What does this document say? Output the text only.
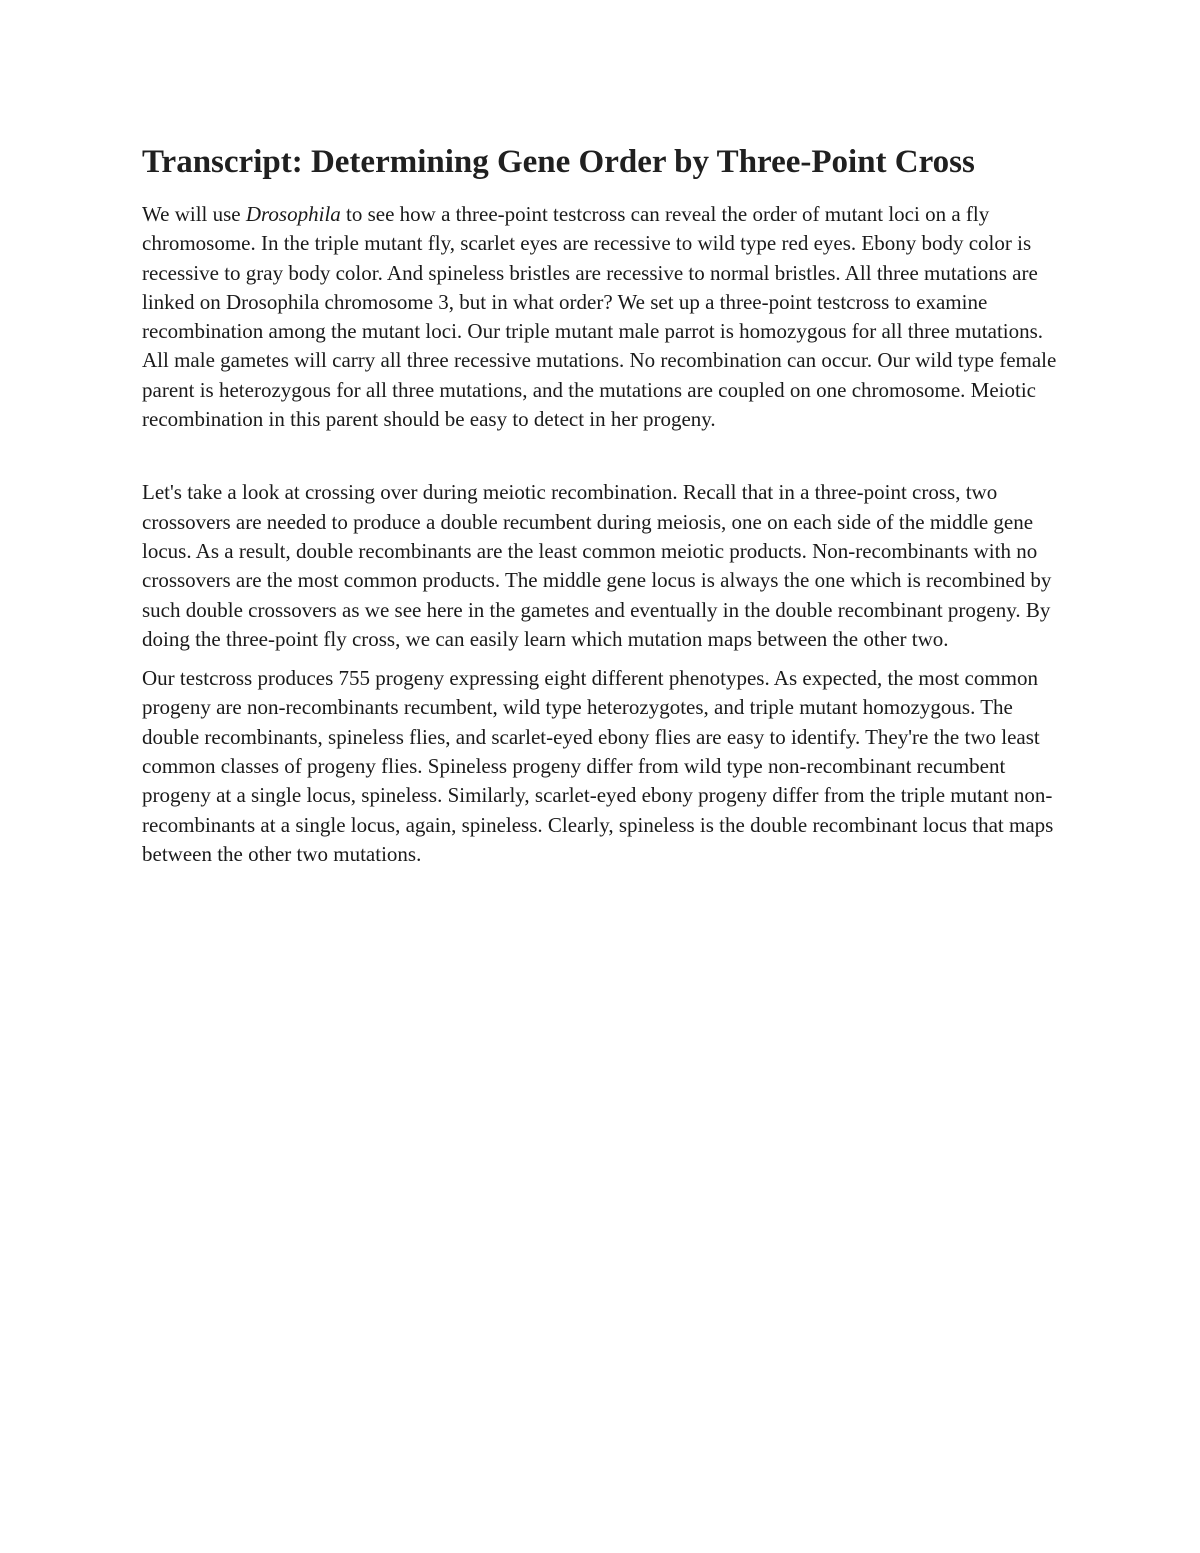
Transcript: Determining Gene Order by Three-Point Cross

We will use Drosophila to see how a three-point testcross can reveal the order of mutant loci on a fly chromosome. In the triple mutant fly, scarlet eyes are recessive to wild type red eyes. Ebony body color is recessive to gray body color. And spineless bristles are recessive to normal bristles. All three mutations are linked on Drosophila chromosome 3, but in what order? We set up a three-point testcross to examine recombination among the mutant loci. Our triple mutant male parrot is homozygous for all three mutations. All male gametes will carry all three recessive mutations. No recombination can occur. Our wild type female parent is heterozygous for all three mutations, and the mutations are coupled on one chromosome. Meiotic recombination in this parent should be easy to detect in her progeny.

Let's take a look at crossing over during meiotic recombination. Recall that in a three-point cross, two crossovers are needed to produce a double recumbent during meiosis, one on each side of the middle gene locus. As a result, double recombinants are the least common meiotic products. Non-recombinants with no crossovers are the most common products. The middle gene locus is always the one which is recombined by such double crossovers as we see here in the gametes and eventually in the double recombinant progeny. By doing the three-point fly cross, we can easily learn which mutation maps between the other two.

Our testcross produces 755 progeny expressing eight different phenotypes. As expected, the most common progeny are non-recombinants recumbent, wild type heterozygotes, and triple mutant homozygous. The double recombinants, spineless flies, and scarlet-eyed ebony flies are easy to identify. They're the two least common classes of progeny flies. Spineless progeny differ from wild type non-recombinant recumbent progeny at a single locus, spineless. Similarly, scarlet-eyed ebony progeny differ from the triple mutant non-recombinants at a single locus, again, spineless. Clearly, spineless is the double recombinant locus that maps between the other two mutations.
